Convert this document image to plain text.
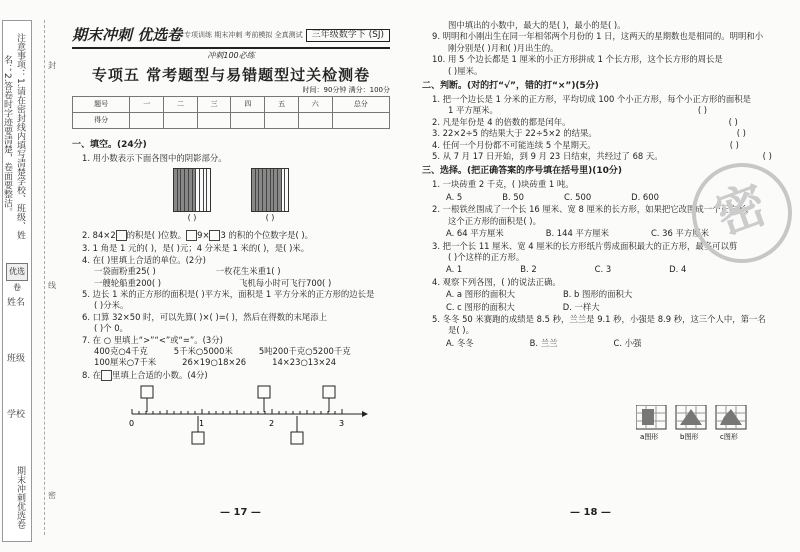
注意事项：1.请在密封线内填写清楚学校、班级、姓名；2.答卷时字迹要清楚，卷面要整洁。
优选卷
姓名
班级
学校
期末冲刺优选卷
封
线
密
期末冲刺 优选卷 专项训练 期末冲刺 考前模拟 全真测试	三年级数学下 (SJ)
冲刺100必练
专项五 常考题型与易错题型过关检测卷
时间：90分钟 满分：100分
题号	一	二	三	四	五	六	总分
得分							
一、填空。(24分)
1. 用小数表示下面各图中的阴影部分。
( )	( )
2. 84×2 的积是( )位数。 9× 3 的积的个位数字是( )。
3. 1 角是 1 元的( )，是( )元；4 分米是 1 米的( )，是( )米。
4. 在( )里填上合适的单位。(2分)
一袋面粉重25( )	一枚花生米重1( )
一艘轮船重200( )	飞机每小时可飞行700( )
5. 边长 1 米的正方形的面积是( )平方米，面积是 1 平方分米的正方形的边长是
( )分米。
6. 口算 32×50 时，可以先算( )×( )=( )，然后在得数的末尾添上
( )个 0。
7. 在 ○ 里填上“>”“<”或“=”。(3分)
400克○4千克	5千米○5000米	5吨200千克○5200千克
100厘米○7千米	26×19○18×26	14×23○13×24
8. 在 里填上合适的小数。(4分)
0	1	2	3
— 17 —
图中填出的小数中，最大的是( )，最小的是( )。
9. 明明和小刚出生在同一年相邻两个月份的 1 日，这两天的星期数也是相同的。明明和小
刚分别是( )月和( )月出生的。
10. 用 5 个边长都是 1 厘米的小正方形拼成 1 个长方形，这个长方形的周长是
( )厘米。
二、判断。(对的打“√”，错的打“×”)(5分)
1. 把一个边长是 1 分米的正方形，平均切成 100 个小正方形，每个小正方形的面积是
1 平方厘米。	( )
2. 凡是年份是 4 的倍数的都是闰年。	( )
3. 22×2÷5 的结果大于 22÷5×2 的结果。	( )
4. 任何一个月份都不可能连续 5 个星期天。	( )
5. 从 7 月 17 日开始，到 9 月 23 日结束，共经过了 68 天。	( )
三、选择。(把正确答案的序号填在括号里)(10分)
1. 一块砖重 2 千克，( )块砖重 1 吨。
A. 5	B. 50	C. 500	D. 600
2. 一根铁丝围成了一个长 16 厘米、宽 8 厘米的长方形，如果把它改围成一个正方形，
这个正方形的面积是( )。
A. 64 平方厘米	B. 144 平方厘米	C. 36 平方厘米
3. 把一个长 11 厘米、宽 4 厘米的长方形纸片剪成面积最大的正方形，最多可以剪
( )个这样的正方形。
A. 1	B. 2	C. 3	D. 4
4. 观察下列各图，( )的说法正确。
A. a 图形的面积大	B. b 图形的面积大
C. c 图形的面积大	D. 一样大
5. 冬冬 50 米赛跑的成绩是 8.5 秒，兰兰是 9.1 秒，小强是 8.9 秒，这三个人中，第一名
是( )。
A. 冬冬	B. 兰兰	C. 小强
a图形	b图形	c图形
— 18 —
密
